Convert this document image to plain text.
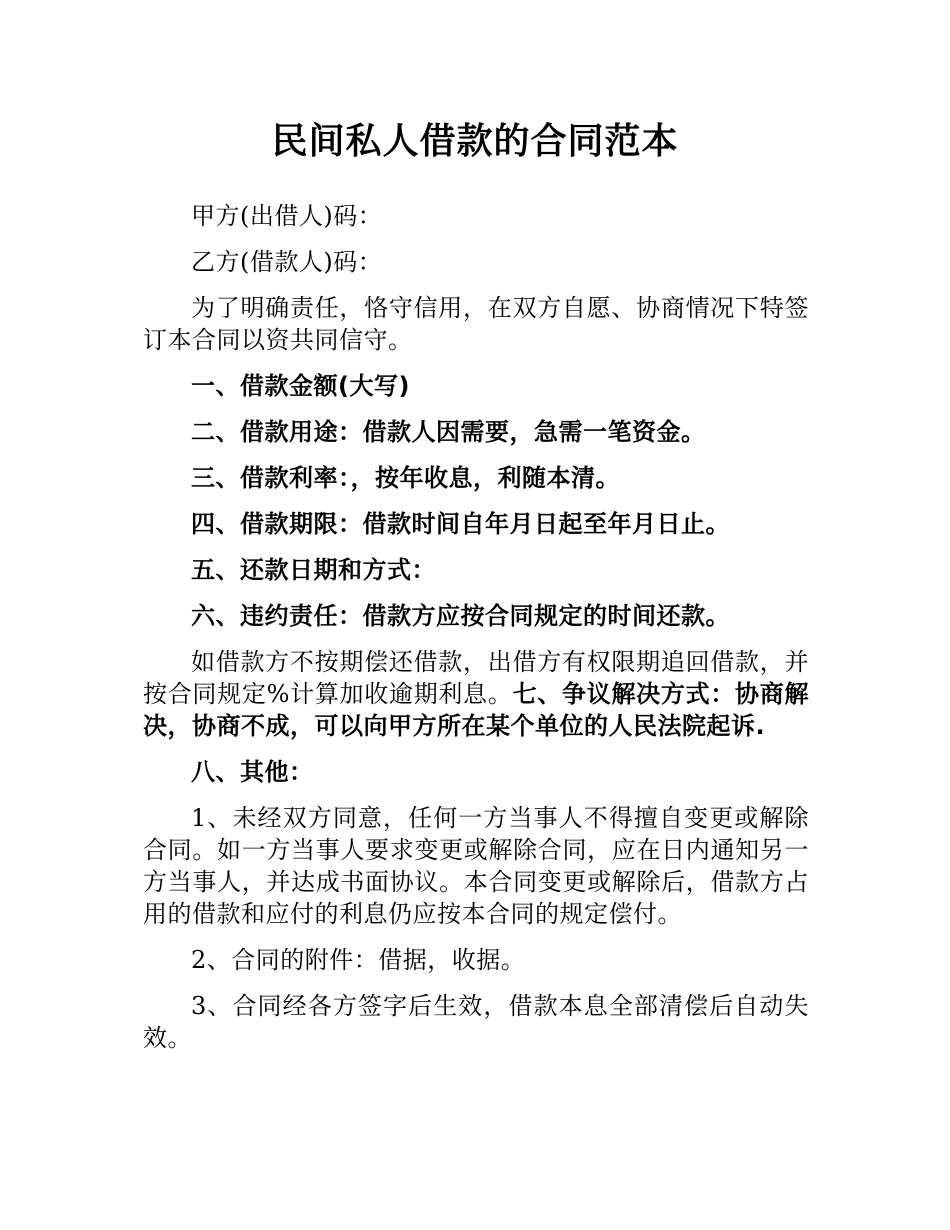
民间私人借款的合同范本

甲方(出借人)码：

乙方(借款人)码：

为了明确责任，恪守信用，在双方自愿、协商情况下特签订本合同以资共同信守。

一、借款金额(大写)

二、借款用途：借款人因需要，急需一笔资金。

三、借款利率：，按年收息，利随本清。

四、借款期限：借款时间自年月日起至年月日止。

五、还款日期和方式：

六、违约责任：借款方应按合同规定的时间还款。

如借款方不按期偿还借款，出借方有权限期追回借款，并按合同规定%计算加收逾期利息。七、争议解决方式：协商解决，协商不成，可以向甲方所在某个单位的人民法院起诉.

八、其他：

1、未经双方同意，任何一方当事人不得擅自变更或解除合同。如一方当事人要求变更或解除合同，应在日内通知另一方当事人，并达成书面协议。本合同变更或解除后，借款方占用的借款和应付的利息仍应按本合同的规定偿付。

2、合同的附件：借据，收据。

3、合同经各方签字后生效，借款本息全部清偿后自动失效。
